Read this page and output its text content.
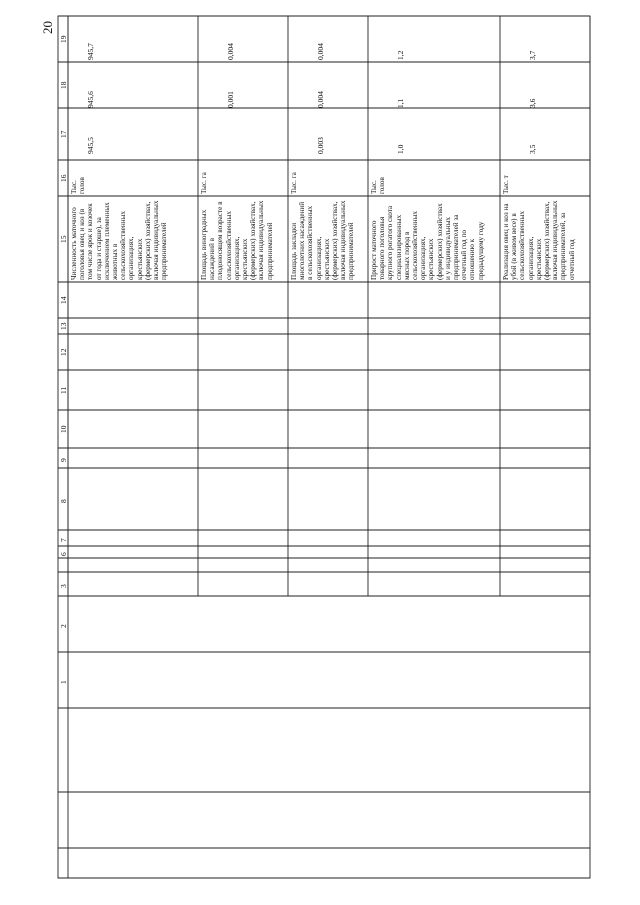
20
19
18
17
16
15
14
13
12
11
10
9
8
7
6
3
2
1
Численность маточного поголовья овец и коз (в том числе ярок и козочек от года и старше), за исключением племенных животных в сельскохозяйственных организациях, крестьянских (фермерских) хозяйствах, включая индивидуальных предпринимателей
Тыс. голов
945,5
945,6
945,7
Площадь виноградных насаждений в плодоносящем возрасте в сельскохозяйственных организациях, крестьянских (фермерских) хозяйствах, включая индивидуальных предпринимателей
Тыс. га
0,001
0,004
Площадь закладки многолетних насаждений в сельскохозяйственных организациях, крестьянских (фермерских) хозяйствах, включая индивидуальных предпринимателей
Тыс. га
0,003
0,004
0,004
Прирост маточного товарного поголовья крупного рогатого скота специализированных мясных пород в сельскохозяйственных организациях, крестьянских (фермерских) хозяйствах и у индивидуальных предпринимателей за отчетный год по отношению к предыдущему году
Тыс. голов
1,0
1,1
1,2
Реализация овец и коз на убой (в живом весе) в сельскохозяйственных организациях, крестьянских (фермерских) хозяйствах, включая индивидуальных предпринимателей, за отчетный год
Тыс. т
3,5
3,6
3,7
